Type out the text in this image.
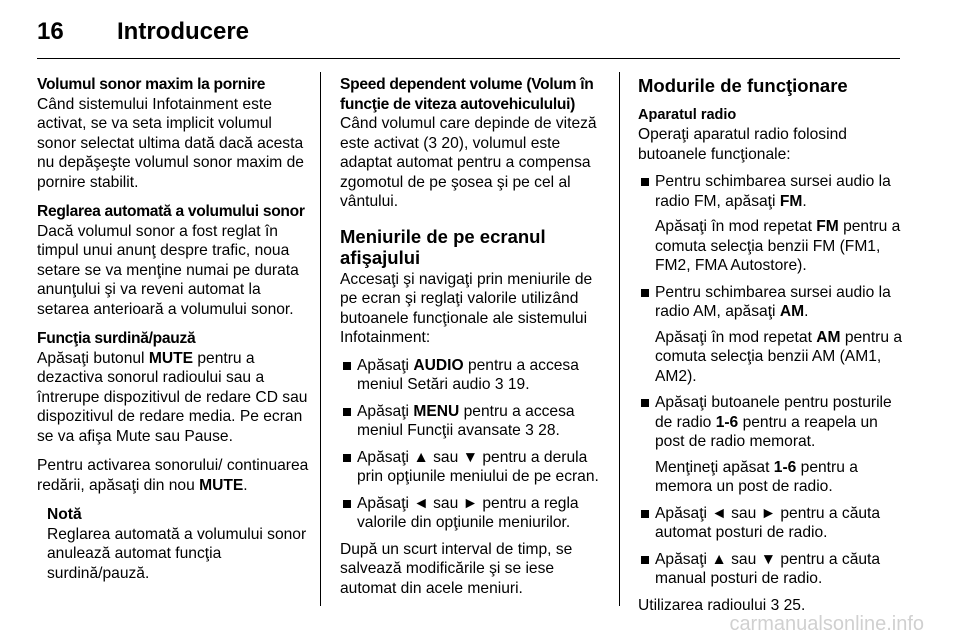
16 Introducere

Volumul sonor maxim la pornire

Când sistemului Infotainment este activat, se va seta implicit volumul sonor selectat ultima dată dacă acesta nu depăşeşte volumul sonor maxim de pornire stabilit.

Reglarea automată a volumului sonor

Dacă volumul sonor a fost reglat în timpul unui anunţ despre trafic, noua setare se va menţine numai pe durata anunţului şi va reveni automat la setarea anterioară a volumului sonor.

Funcţia surdină/pauză

Apăsaţi butonul MUTE pentru a dezactiva sonorul radioului sau a întrerupe dispozitivul de redare CD sau dispozitivul de redare media. Pe ecran se va afişa Mute sau Pause.

Pentru activarea sonorului/ continuarea redării, apăsaţi din nou MUTE.

Notă
Reglarea automată a volumului sonor anulează automat funcţia surdină/pauză.

Speed dependent volume (Volum în funcţie de viteza autovehiculului)

Când volumul care depinde de viteză este activat (3 20), volumul este adaptat automat pentru a compensa zgomotul de pe şosea şi pe cel al vântului.

Meniurile de pe ecranul afişajului

Accesaţi şi navigaţi prin meniurile de pe ecran şi reglaţi valorile utilizând butoanele funcţionale ale sistemului Infotainment:

Apăsaţi AUDIO pentru a accesa meniul Setări audio 3 19.
Apăsaţi MENU pentru a accesa meniul Funcţii avansate 3 28.
Apăsaţi ▲ sau ▼ pentru a derula prin opţiunile meniului de pe ecran.
Apăsaţi ◄ sau ► pentru a regla valorile din opţiunile meniurilor.

După un scurt interval de timp, se salvează modificările şi se iese automat din acele meniuri.

Modurile de funcţionare

Aparatul radio

Operaţi aparatul radio folosind butoanele funcţionale:

Pentru schimbarea sursei audio la radio FM, apăsaţi FM.

Apăsaţi în mod repetat FM pentru a comuta selecţia benzii FM (FM1, FM2, FMA Autostore).

Pentru schimbarea sursei audio la radio AM, apăsaţi AM.

Apăsaţi în mod repetat AM pentru a comuta selecţia benzii AM (AM1, AM2).

Apăsaţi butoanele pentru posturile de radio 1-6 pentru a reapela un post de radio memorat.

Menţineţi apăsat 1-6 pentru a memora un post de radio.

Apăsaţi ◄ sau ► pentru a căuta automat posturi de radio.
Apăsaţi ▲ sau ▼ pentru a căuta manual posturi de radio.

Utilizarea radioului 3 25.

carmanualsonline.info
